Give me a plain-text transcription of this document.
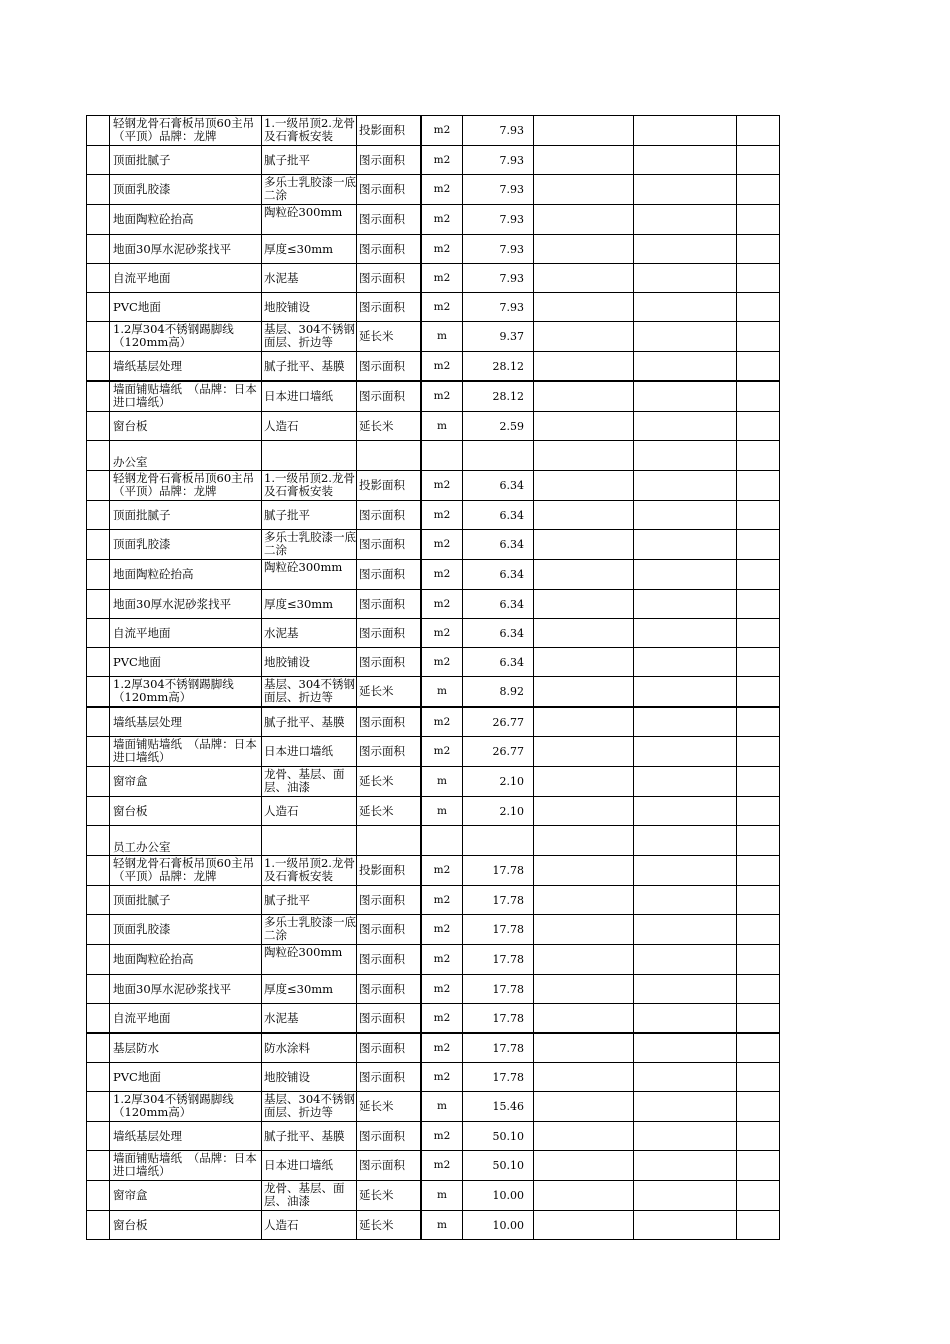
	轻钢龙骨石膏板吊顶60主吊（平顶）品牌：龙牌	1.一级吊顶2.龙骨及石膏板安装	投影面积	m2	7.93			
	顶面批腻子	腻子批平	图示面积	m2	7.93			
	顶面乳胶漆	多乐士乳胶漆一底二涂	图示面积	m2	7.93			
	地面陶粒砼抬高	陶粒砼300mm	图示面积	m2	7.93			
	地面30厚水泥砂浆找平	厚度≤30mm	图示面积	m2	7.93			
	自流平地面	水泥基	图示面积	m2	7.93			
	PVC地面	地胶铺设	图示面积	m2	7.93			
	1.2厚304不锈钢踢脚线（120mm高）	基层、304不锈钢面层、折边等	延长米	m	9.37			
	墙纸基层处理	腻子批平、基膜	图示面积	m2	28.12			
	墙面铺贴墙纸　（品牌：日本进口墙纸）	日本进口墙纸	图示面积	m2	28.12			
	窗台板	人造石	延长米	m	2.59			
	办公室							
	轻钢龙骨石膏板吊顶60主吊（平顶）品牌：龙牌	1.一级吊顶2.龙骨及石膏板安装	投影面积	m2	6.34			
	顶面批腻子	腻子批平	图示面积	m2	6.34			
	顶面乳胶漆	多乐士乳胶漆一底二涂	图示面积	m2	6.34			
	地面陶粒砼抬高	陶粒砼300mm	图示面积	m2	6.34			
	地面30厚水泥砂浆找平	厚度≤30mm	图示面积	m2	6.34			
	自流平地面	水泥基	图示面积	m2	6.34			
	PVC地面	地胶铺设	图示面积	m2	6.34			
	1.2厚304不锈钢踢脚线（120mm高）	基层、304不锈钢面层、折边等	延长米	m	8.92			
	墙纸基层处理	腻子批平、基膜	图示面积	m2	26.77			
	墙面铺贴墙纸　（品牌：日本进口墙纸）	日本进口墙纸	图示面积	m2	26.77			
	窗帘盒	龙骨、基层、面层、油漆	延长米	m	2.10			
	窗台板	人造石	延长米	m	2.10			
	员工办公室							
	轻钢龙骨石膏板吊顶60主吊（平顶）品牌：龙牌	1.一级吊顶2.龙骨及石膏板安装	投影面积	m2	17.78			
	顶面批腻子	腻子批平	图示面积	m2	17.78			
	顶面乳胶漆	多乐士乳胶漆一底二涂	图示面积	m2	17.78			
	地面陶粒砼抬高	陶粒砼300mm	图示面积	m2	17.78			
	地面30厚水泥砂浆找平	厚度≤30mm	图示面积	m2	17.78			
	自流平地面	水泥基	图示面积	m2	17.78			
	基层防水	防水涂料	图示面积	m2	17.78			
	PVC地面	地胶铺设	图示面积	m2	17.78			
	1.2厚304不锈钢踢脚线（120mm高）	基层、304不锈钢面层、折边等	延长米	m	15.46			
	墙纸基层处理	腻子批平、基膜	图示面积	m2	50.10			
	墙面铺贴墙纸　（品牌：日本进口墙纸）	日本进口墙纸	图示面积	m2	50.10			
	窗帘盒	龙骨、基层、面层、油漆	延长米	m	10.00			
	窗台板	人造石	延长米	m	10.00			
